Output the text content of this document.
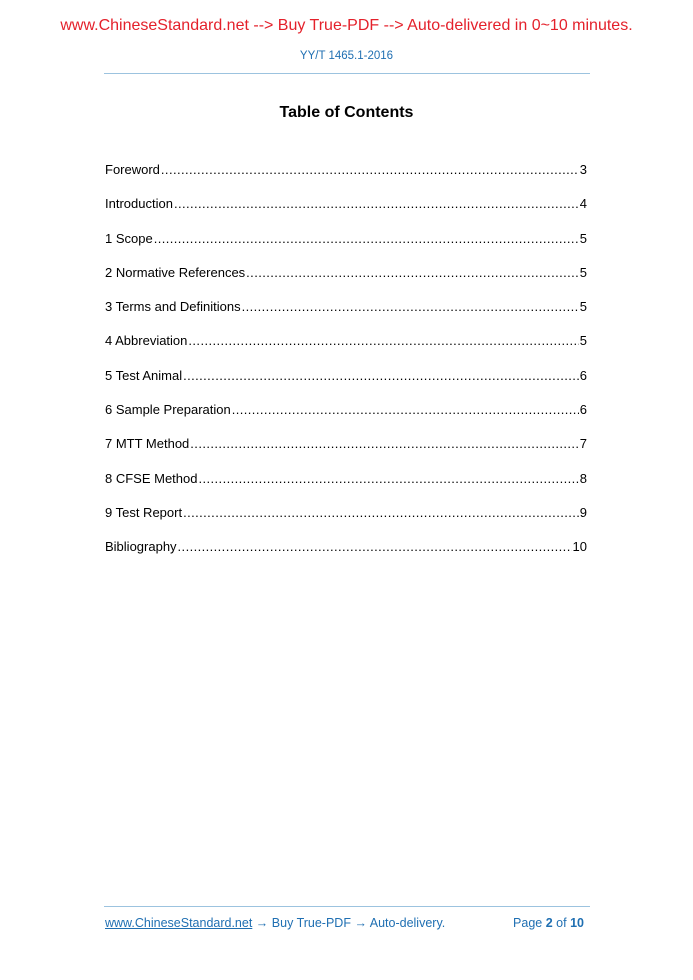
www.ChineseStandard.net --> Buy True-PDF --> Auto-delivered in 0~10 minutes.
YY/T 1465.1-2016
Table of Contents
Foreword .....	3
Introduction .....	4
1 Scope .....	5
2 Normative References .....	5
3 Terms and Definitions .....	5
4 Abbreviation .....	5
5 Test Animal .....	6
6 Sample Preparation .....	6
7 MTT Method .....	7
8 CFSE Method .....	8
9 Test Report .....	9
Bibliography .....	10
www.ChineseStandard.net → Buy True-PDF → Auto-delivery.	Page 2 of 10
